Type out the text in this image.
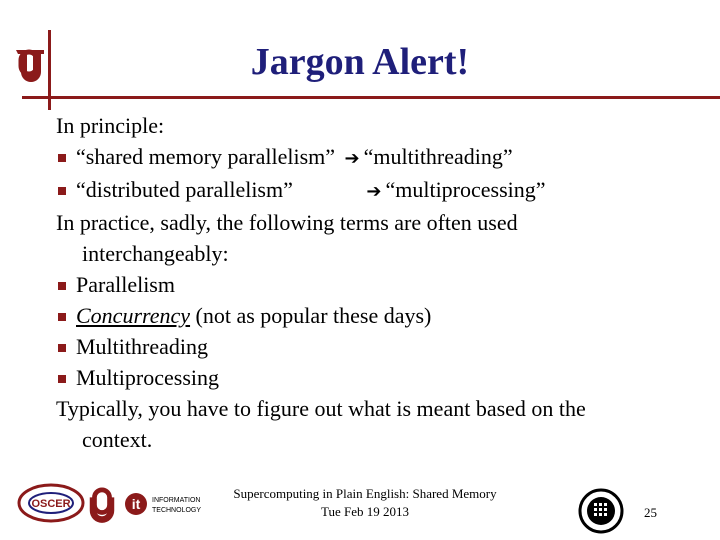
Jargon Alert!
In principle:
“shared memory parallelism” ➔ “multithreading”
“distributed parallelism”	➔ “multiprocessing”
In practice, sadly, the following terms are often used
interchangeably:
Parallelism
Concurrency (not as popular these days)
Multithreading
Multiprocessing
Typically, you have to figure out what is meant based on the
context.
OSCER	it INFORMATION
TECHNOLOGY
Supercomputing in Plain English: Shared Memory
Tue Feb 19 2013	25
